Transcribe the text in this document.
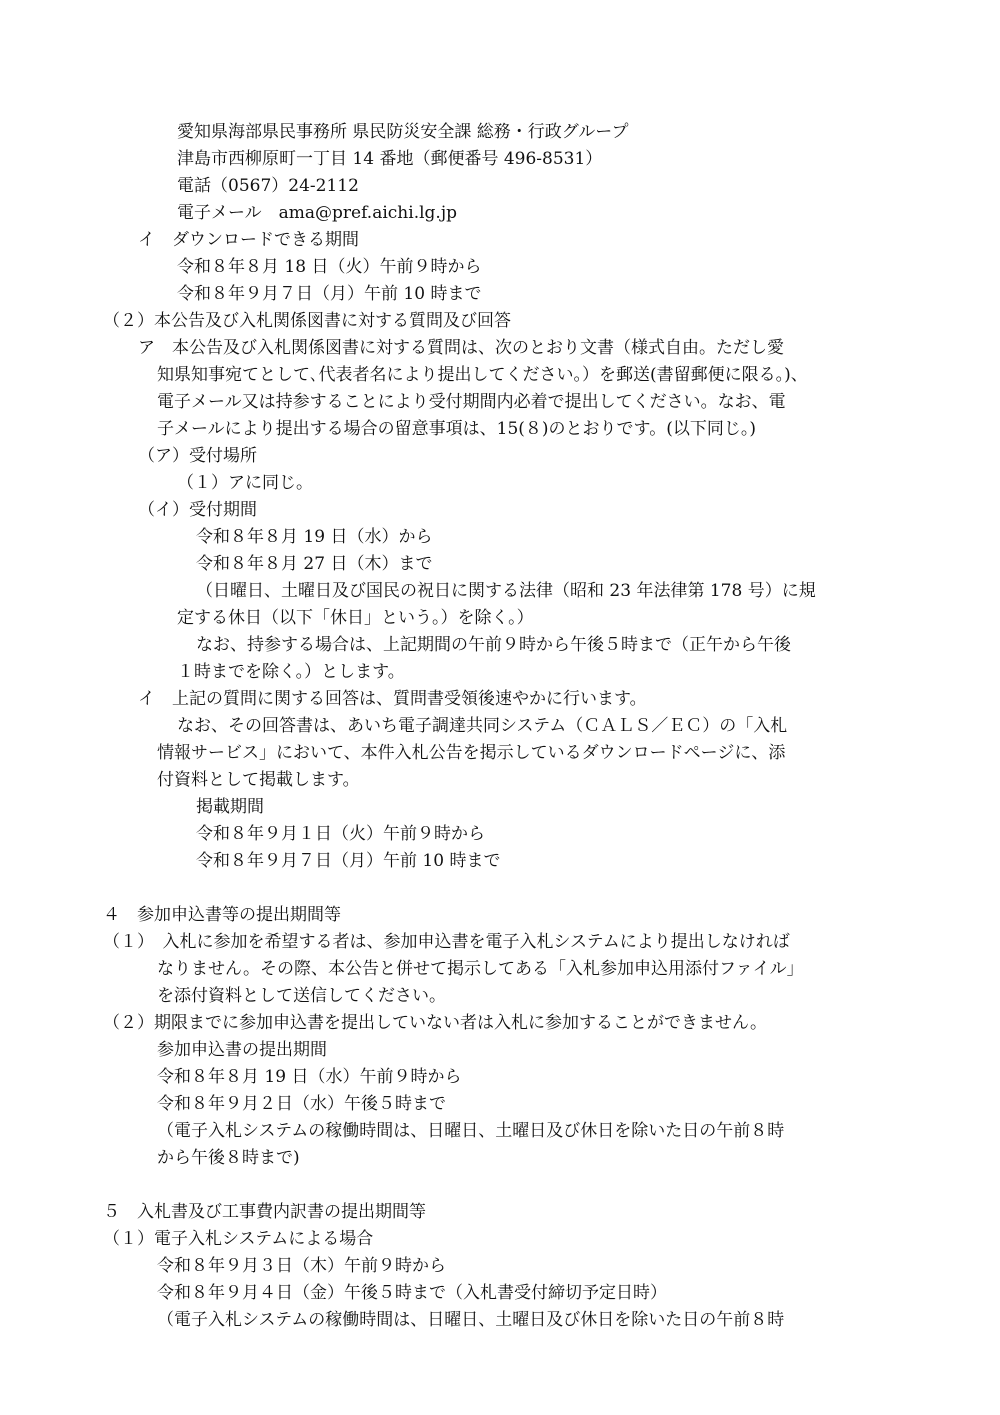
愛知県海部県民事務所 県民防災安全課 総務・行政グループ

津島市西柳原町一丁目 14 番地（郵便番号 496-8531）

電話（0567）24-2112

電子メール　ama@pref.aichi.lg.jp

イ　ダウンロードできる期間

令和８年８月 18 日（火）午前９時から

令和８年９月７日（月）午前 10 時まで

（２）本公告及び入札関係図書に対する質問及び回答

ア　本公告及び入札関係図書に対する質問は、次のとおり文書（様式自由。ただし愛

知県知事宛てとして､代表者名により提出してください。）を郵送(書留郵便に限る。)、

電子メール又は持参することにより受付期間内必着で提出してください。なお、電

子メールにより提出する場合の留意事項は、15(８)のとおりです。(以下同じ。)

（ア）受付場所

（１）アに同じ。

（イ）受付期間

令和８年８月 19 日（水）から

令和８年８月 27 日（木）まで

（日曜日、土曜日及び国民の祝日に関する法律（昭和 23 年法律第 178 号）に規

定する休日（以下「休日」という。）を除く。）

なお、持参する場合は、上記期間の午前９時から午後５時まで（正午から午後

１時までを除く。）とします。

イ　上記の質問に関する回答は、質問書受領後速やかに行います。

なお、その回答書は、あいち電子調達共同システム（ＣＡＬＳ／ＥＣ）の「入札

情報サービス」において、本件入札公告を掲示しているダウンロードページに、添

付資料として掲載します。

掲載期間

令和８年９月１日（火）午前９時から

令和８年９月７日（月）午前 10 時まで

４　参加申込書等の提出期間等

（１）　入札に参加を希望する者は、参加申込書を電子入札システムにより提出しなければ

なりません。その際、本公告と併せて掲示してある「入札参加申込用添付ファイル」

を添付資料として送信してください。

（２）期限までに参加申込書を提出していない者は入札に参加することができません。

参加申込書の提出期間

令和８年８月 19 日（水）午前９時から

令和８年９月２日（水）午後５時まで

（電子入札システムの稼働時間は、日曜日、土曜日及び休日を除いた日の午前８時

から午後８時まで)

５　入札書及び工事費内訳書の提出期間等

（１）電子入札システムによる場合

令和８年９月３日（木）午前９時から

令和８年９月４日（金）午後５時まで（入札書受付締切予定日時）

（電子入札システムの稼働時間は、日曜日、土曜日及び休日を除いた日の午前８時
